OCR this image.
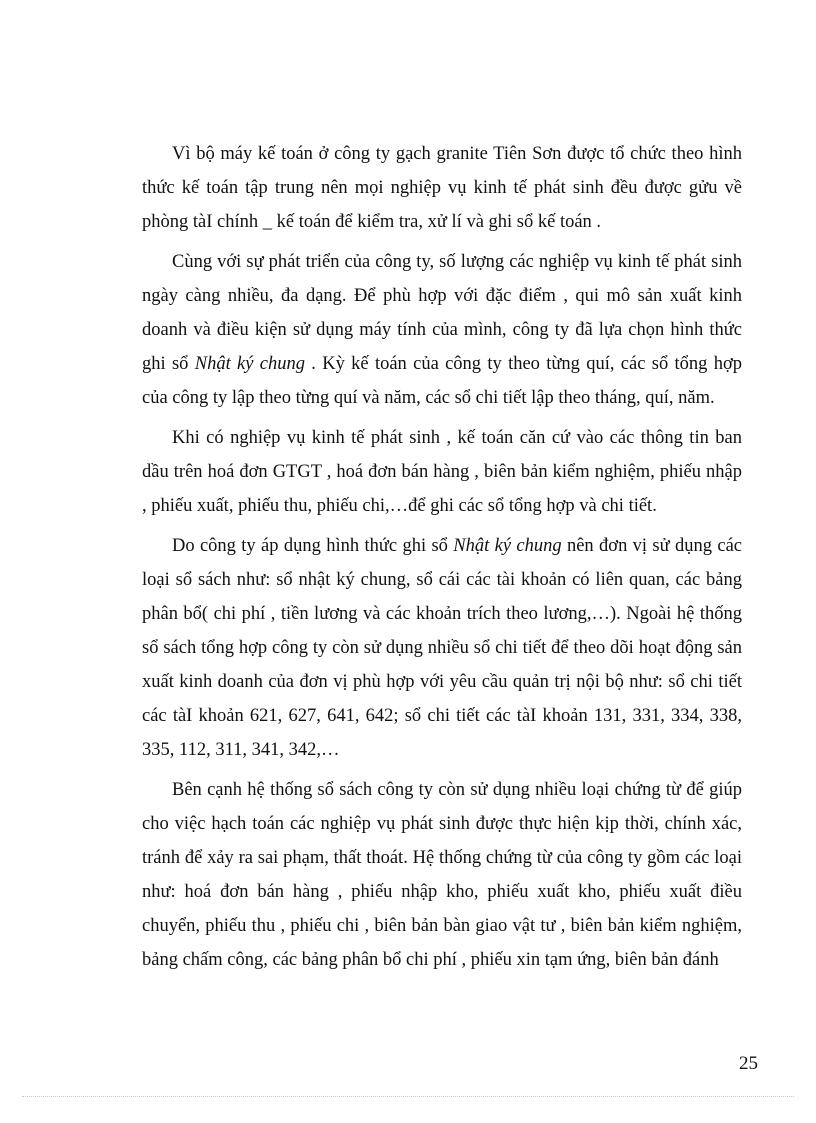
Vì bộ máy kế toán ở công ty gạch granite Tiên Sơn được tổ chức theo hình
thức kế toán tập trung nên mọi nghiệp vụ kinh tế phát sinh đều được gửu về
phòng tàI chính _ kế toán để kiểm tra, xử lí và ghi sổ kế toán .
Cùng với sự phát triển của công ty, số lượng các nghiệp vụ kinh tế phát sinh
ngày càng nhiều, đa dạng. Để phù hợp với đặc điểm , qui mô sản xuất kinh
doanh và điều kiện sử dụng máy tính của mình, công ty đã lựa chọn hình thức
ghi sổ Nhật ký chung . Kỳ kế toán của công ty theo từng quí, các sổ tổng hợp
của công ty lập theo từng quí và năm, các sổ chi tiết lập theo tháng, quí, năm.
Khi có nghiệp vụ kinh tế phát sinh , kế toán căn cứ vào các thông tin ban
dầu trên hoá đơn GTGT , hoá đơn bán hàng , biên bản kiểm nghiệm, phiếu nhập
, phiếu xuất, phiếu thu, phiếu chi,…để ghi các sổ tổng hợp và chi tiết.
Do công ty áp dụng hình thức ghi sổ Nhật ký chung nên đơn vị sử dụng các
loại sổ sách như: sổ nhật ký chung, sổ cái các tài khoản có liên quan, các bảng
phân bổ( chi phí , tiền lương và các khoản trích theo lương,…). Ngoài hệ thống
sổ sách tổng hợp công ty còn sử dụng nhiều sổ chi tiết để theo dõi hoạt động sản
xuất kinh doanh của đơn vị phù hợp với yêu cầu quản trị nội bộ như: sổ chi tiết
các tàI khoản 621, 627, 641, 642; sổ chi tiết các tàI khoản 131, 331, 334, 338,
335, 112, 311, 341, 342,…
Bên cạnh hệ thống sổ sách công ty còn sử dụng nhiều loại chứng từ để giúp
cho việc hạch toán các nghiệp vụ phát sinh được thực hiện kịp thời, chính xác,
tránh để xảy ra sai phạm, thất thoát. Hệ thống chứng từ của công ty gồm các loại
như: hoá đơn bán hàng , phiếu nhập kho, phiếu xuất kho, phiếu xuất điều
chuyển, phiếu thu , phiếu chi , biên bản bàn giao vật tư , biên bản kiểm nghiệm,
bảng chấm công, các bảng phân bổ chi phí , phiếu xin tạm ứng, biên bản đánh
25
